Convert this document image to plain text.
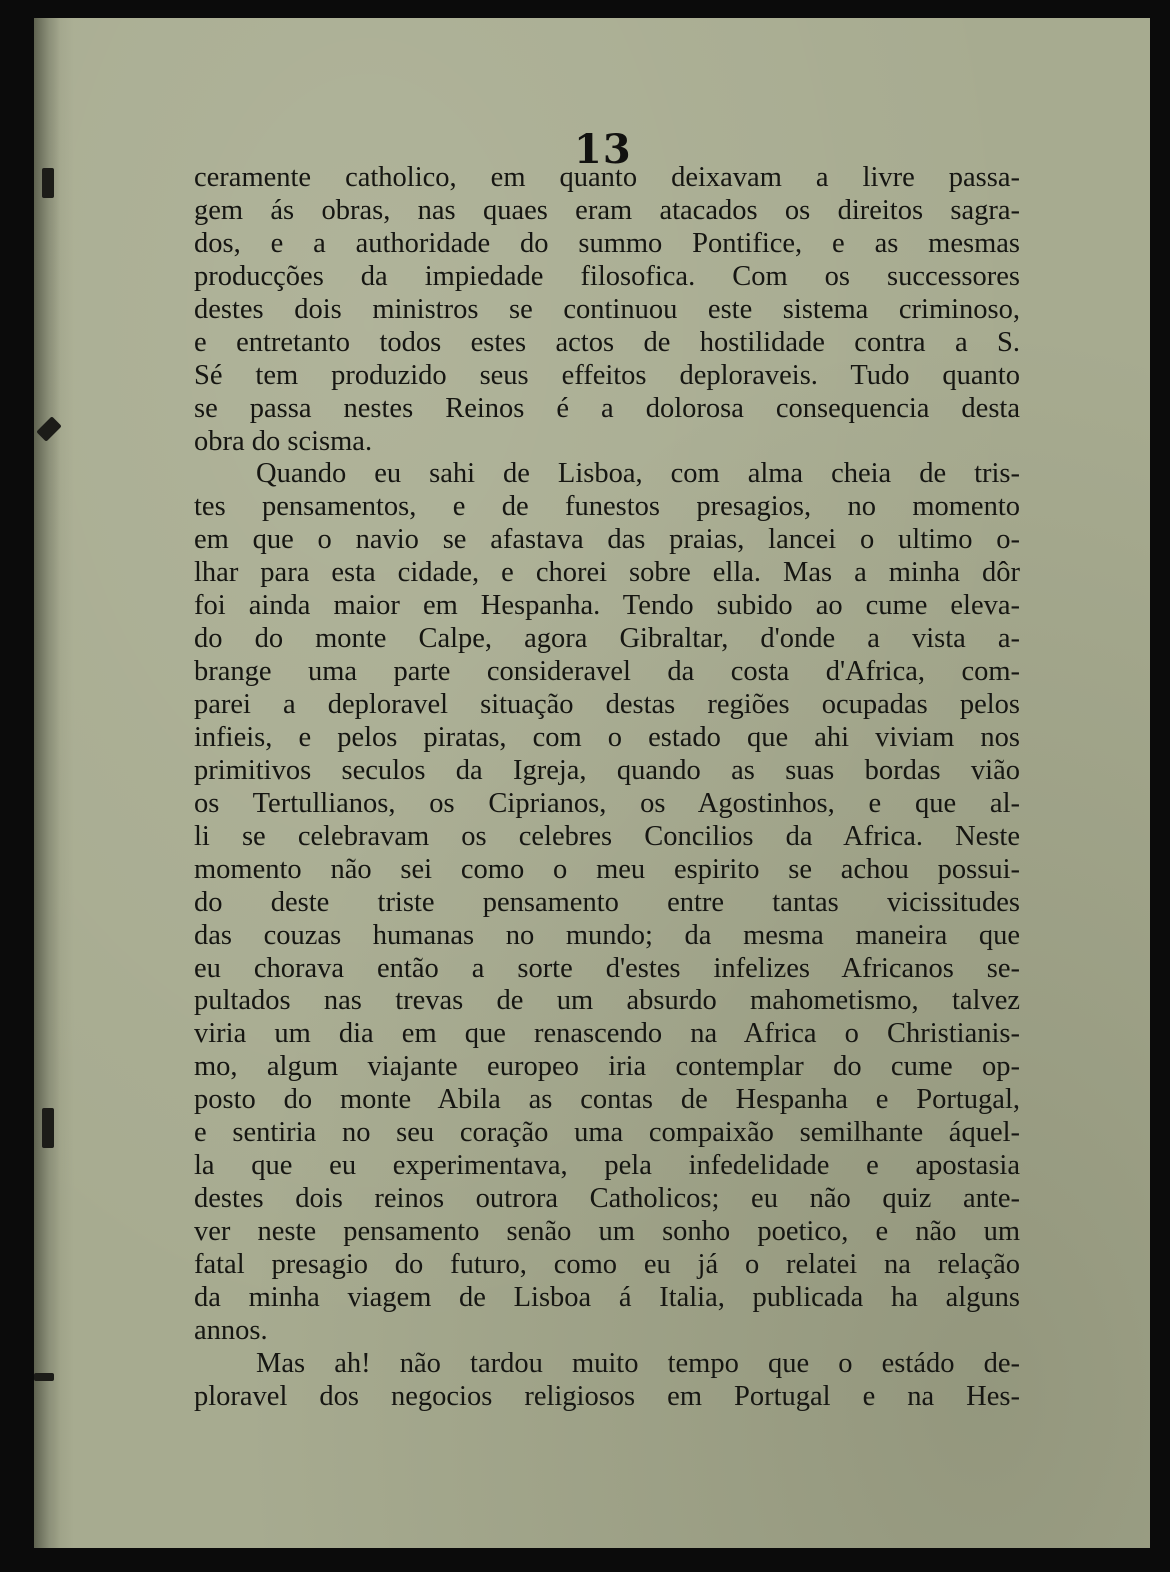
13
ceramente catholico, em quanto deixavam a livre passa-
gem ás obras, nas quaes eram atacados os direitos sagra-
dos, e a authoridade do summo Pontifice, e as mesmas
producções da impiedade filosofica. Com os successores
destes dois ministros se continuou este sistema criminoso,
e entretanto todos estes actos de hostilidade contra a S.
Sé tem produzido seus effeitos deploraveis. Tudo quanto
se passa nestes Reinos é a dolorosa consequencia desta
obra do scisma.
Quando eu sahi de Lisboa, com alma cheia de tris-
tes pensamentos, e de funestos presagios, no momento
em que o navio se afastava das praias, lancei o ultimo o-
lhar para esta cidade, e chorei sobre ella. Mas a minha dôr
foi ainda maior em Hespanha. Tendo subido ao cume eleva-
do do monte Calpe, agora Gibraltar, d'onde a vista a-
brange uma parte consideravel da costa d'Africa, com-
parei a deploravel situação destas regiões ocupadas pelos
infieis, e pelos piratas, com o estado que ahi viviam nos
primitivos seculos da Igreja, quando as suas bordas vião
os Tertullianos, os Ciprianos, os Agostinhos, e que al-
li se celebravam os celebres Concilios da Africa. Neste
momento não sei como o meu espirito se achou possui-
do deste triste pensamento entre tantas vicissitudes
das couzas humanas no mundo; da mesma maneira que
eu chorava então a sorte d'estes infelizes Africanos se-
pultados nas trevas de um absurdo mahometismo, talvez
viria um dia em que renascendo na Africa o Christianis-
mo, algum viajante europeo iria contemplar do cume op-
posto do monte Abila as contas de Hespanha e Portugal,
e sentiria no seu coração uma compaixão semilhante áquel-
la que eu experimentava, pela infedelidade e apostasia
destes dois reinos outrora Catholicos; eu não quiz ante-
ver neste pensamento senão um sonho poetico, e não um
fatal presagio do futuro, como eu já o relatei na relação
da minha viagem de Lisboa á Italia, publicada ha alguns
annos.
Mas ah! não tardou muito tempo que o estádo de-
ploravel dos negocios religiosos em Portugal e na Hes-
